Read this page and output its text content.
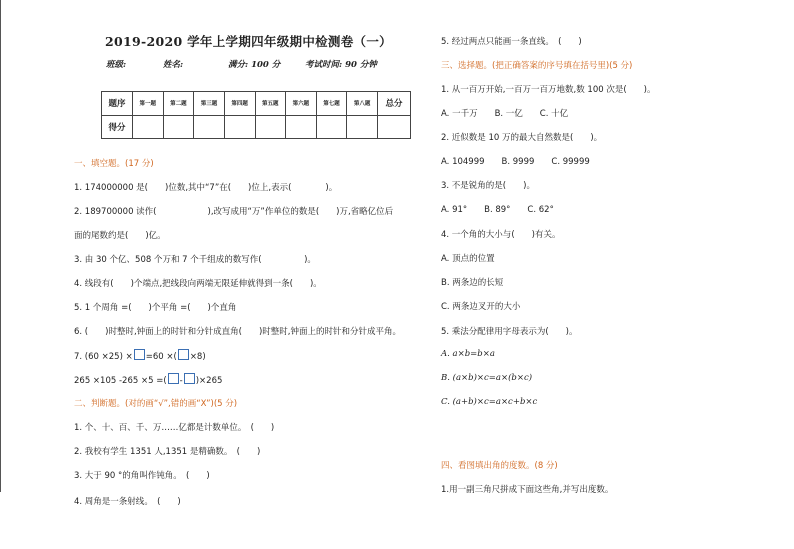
2019-2020 学年上学期四年级期中检测卷（一）
班级:	姓名:	满分: 100 分	考试时间: 90 分钟
题序	第一题	第二题	第三题	第四题	第五题	第六题	第七题	第八题	总分
得分									
一、填空题。(17 分)
1. 174000000 是(　　)位数,其中“7”在(　　)位上,表示(　　　　)。
2. 189700000 读作(　　　　　　),改写成用“万”作单位的数是(　　)万,省略亿位后
面的尾数约是(　　)亿。
3. 由 30 个亿、508 个万和 7 个千组成的数写作(　　　　　)。
4. 线段有(　　)个端点,把线段向两端无限延伸就得到一条(　　)。
5. 1 个周角 =(　　)个平角 =(　　)个直角
6. (　　)时整时,钟面上的时针和分针成直角(　　)时整时,钟面上的时针和分针成平角。
7. (60 ×25) × =60 ×( ×8)
265 ×105 -265 ×5 =( - )×265
二、判断题。(对的画“√”,错的画“X”)(5 分)
1. 个、十、百、千、万……亿都是计数单位。　(　　)
2. 我校有学生 1351 人,1351 是精确数。　(　　)
3. 大于 90 °的角叫作钝角。　(　　)
4. 周角是一条射线。　(　　)
5. 经过两点只能画一条直线。　(　　)
三、选择题。(把正确答案的序号填在括号里)(5 分)
1. 从一百万开始,一百万一百万地数,数 100 次是(　　)。
A. 一千万　　B. 一亿　　C. 十亿
2. 近似数是 10 万的最大自然数是(　　)。
A. 104999　　B. 9999　　C. 99999
3. 不是锐角的是(　　)。
A. 91°　　B. 89°　　C. 62°
4. 一个角的大小与(　　)有关。
A. 顶点的位置
B. 两条边的长短
C. 两条边叉开的大小
5. 乘法分配律用字母表示为(　　)。
A. a×b=b×a
B. (a×b)×c=a×(b×c)
C. (a+b)×c=a×c+b×c
四、看图填出角的度数。(8 分)
1.用一副三角尺拼成下面这些角,并写出度数。
